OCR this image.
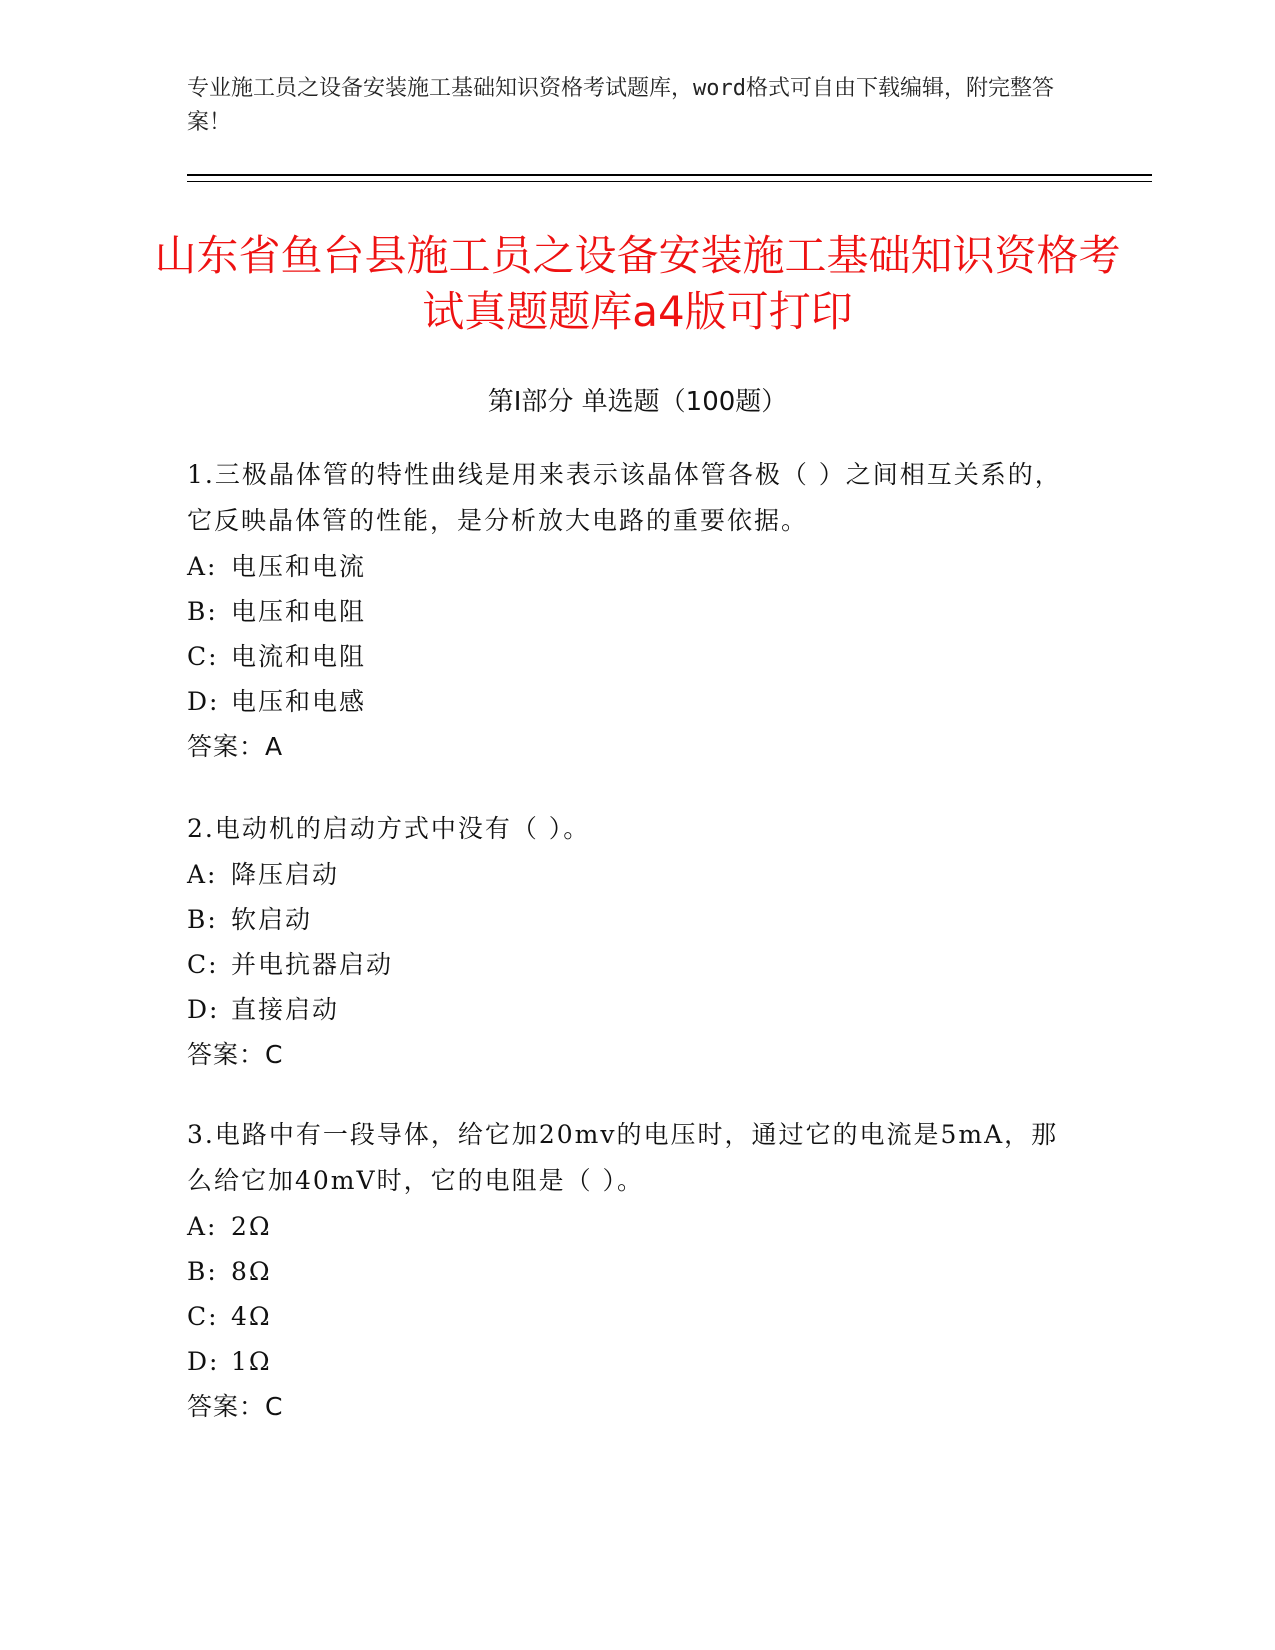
专业施工员之设备安装施工基础知识资格考试题库，word格式可自由下载编辑，附完整答案！
山东省鱼台县施工员之设备安装施工基础知识资格考试真题题库a4版可打印
第Ⅰ部分 单选题（100题）
1.三极晶体管的特性曲线是用来表示该晶体管各极（ ）之间相互关系的，它反映晶体管的性能，是分析放大电路的重要依据。
A: 电压和电流
B: 电压和电阻
C: 电流和电阻
D: 电压和电感
答案：A
2.电动机的启动方式中没有（ ）。
A: 降压启动
B: 软启动
C: 并电抗器启动
D: 直接启动
答案：C
3.电路中有一段导体，给它加20mv的电压时，通过它的电流是5mA，那么给它加40mV时，它的电阻是（ ）。
A: 2Ω
B: 8Ω
C: 4Ω
D: 1Ω
答案：C
